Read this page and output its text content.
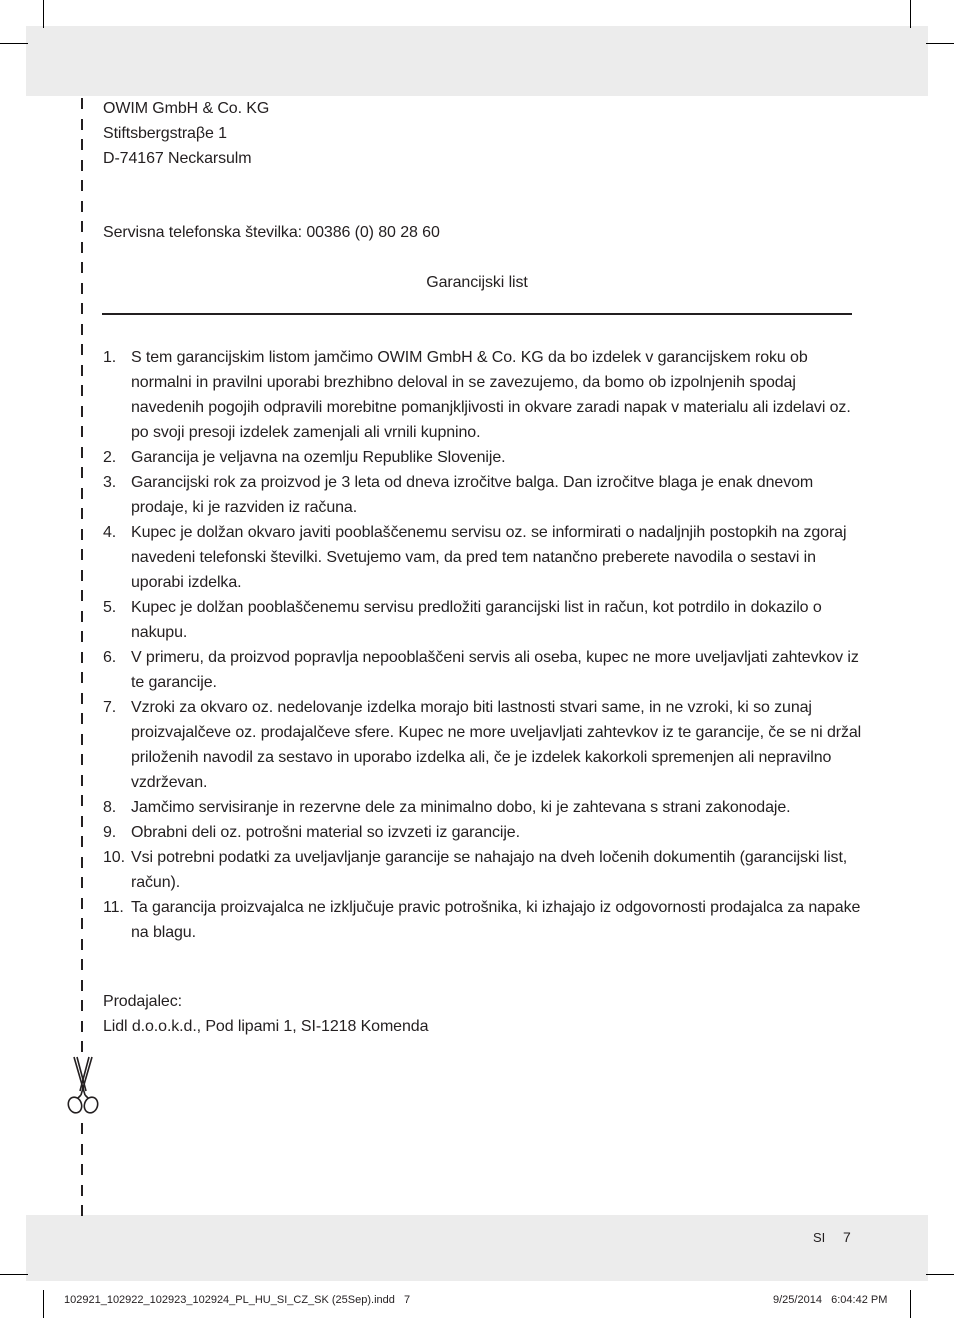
OWIM GmbH & Co. KG
Stiftsbergstraβe 1
D-74167 Neckarsulm
Servisna telefonska številka: 00386 (0) 80 28 60
Garancijski list
1. S tem garancijskim listom jamčimo OWIM GmbH & Co. KG da bo izdelek v garancijskem roku ob normalni in pravilni uporabi brezhibno deloval in se zavezujemo, da bomo ob izpolnjenih spodaj navedenih pogojih odpravili morebitne pomanjkljivosti in okvare zaradi napak v materialu ali izdelavi oz. po svoji presoji izdelek zamenjali ali vrnili kupnino.
2. Garancija je veljavna na ozemlju Republike Slovenije.
3. Garancijski rok za proizvod je 3 leta od dneva izročitve balga. Dan izročitve blaga je enak dnevom prodaje, ki je razviden iz računa.
4. Kupec je dolžan okvaro javiti pooblaščenemu servisu oz. se informirati o nadaljnjih postopkih na zgoraj navedeni telefonski številki. Svetujemo vam, da pred tem natančno preberete navodila o sestavi in uporabi izdelka.
5. Kupec je dolžan pooblaščenemu servisu predložiti garancijski list in račun, kot potrdilo in dokazilo o nakupu.
6. V primeru, da proizvod popravlja nepooblaščeni servis ali oseba, kupec ne more uveljavljati zahtevkov iz te garancije.
7. Vzroki za okvaro oz. nedelovanje izdelka morajo biti lastnosti stvari same, in ne vzroki, ki so zunaj proizvajalčeve oz. prodajalčeve sfere. Kupec ne more uveljavljati zahtevkov iz te garancije, če se ni držal priloženih navodil za sestavo in uporabo izdelka ali, če je izdelek kakorkoli spremenjen ali nepravilno vzdrževan.
8. Jamčimo servisiranje in rezervne dele za minimalno dobo, ki je zahtevana s strani zakonodaje.
9. Obrabni deli oz. potrošni material so izvzeti iz garancije.
10. Vsi potrebni podatki za uveljavljanje garancije se nahajajo na dveh ločenih dokumentih (garancijski list, račun).
11. Ta garancija proizvajalca ne izključuje pravic potrošnika, ki izhajajo iz odgovornosti prodajalca za napake na blagu.
Prodajalec:
Lidl d.o.o.k.d., Pod lipami 1, SI-1218 Komenda
SI 7
102921_102922_102923_102924_PL_HU_SI_CZ_SK (25Sep).indd   7	9/25/2014   6:04:42 PM
